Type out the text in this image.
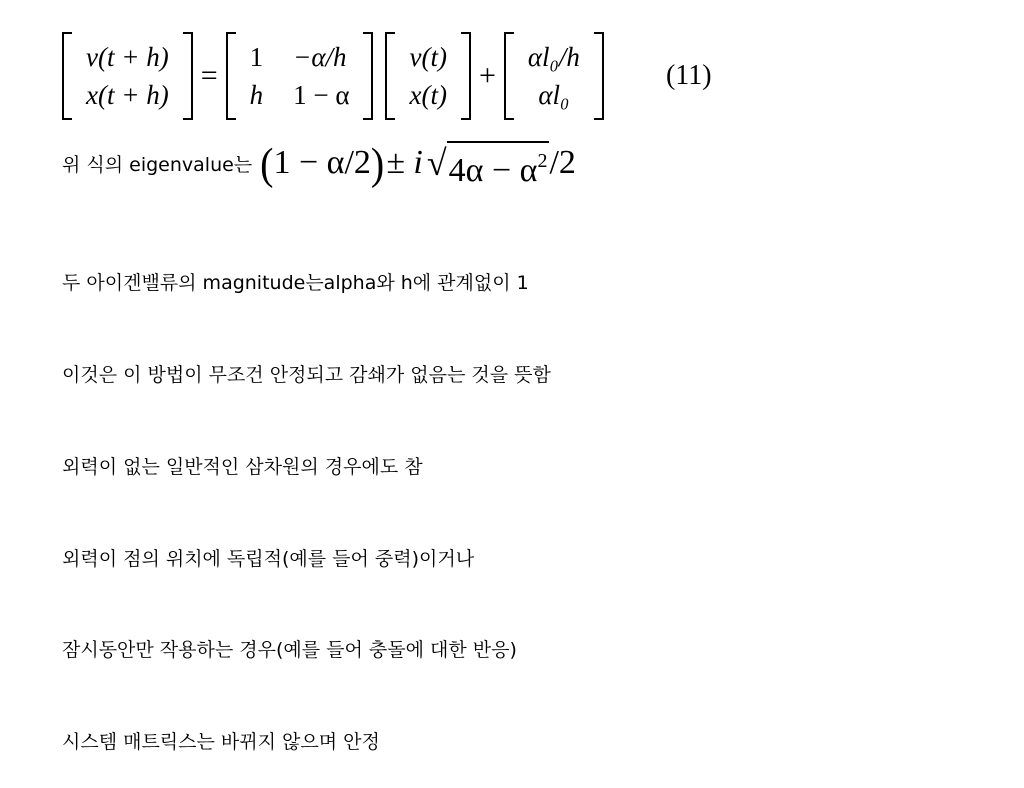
v(t + h)
x(t + h)
=
1 −α/h
h 1 − α
v(t)
x(t)
+
αl₀/h
αl₀
(11)
위 식의 eigenvalue는 ( 1 − α/2 ) ± i √ $4\alpha - \alpha^2$ /2

두 아이겐밸류의 magnitude는alpha와 h에 관계없이 1

이것은 이 방법이 무조건 안정되고 감쇄가 없음는 것을 뜻함

외력이 없는 일반적인 삼차원의 경우에도 참

외력이 점의 위치에 독립적(예를 들어 중력)이거나

잠시동안만 작용하는 경우(예를 들어 충돌에 대한 반응)

시스템 매트릭스는 바뀌지 않으며 안정
